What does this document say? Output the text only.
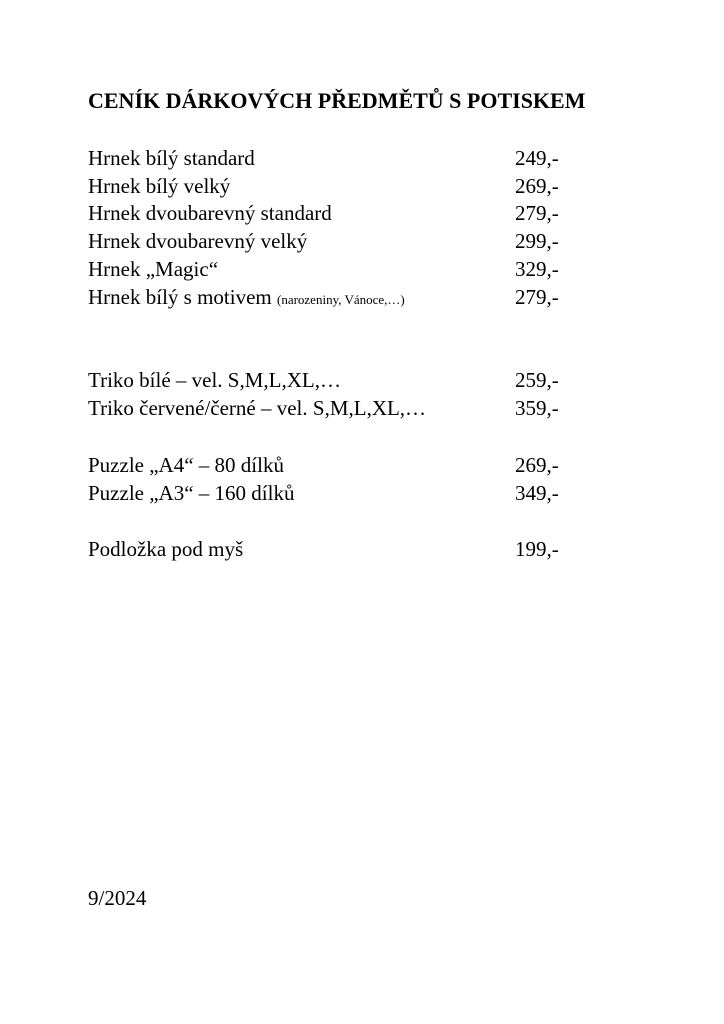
CENÍK DÁRKOVÝCH PŘEDMĚTŮ S POTISKEM
Hrnek bílý standard	249,-
Hrnek bílý velký	269,-
Hrnek dvoubarevný standard	279,-
Hrnek dvoubarevný velký	299,-
Hrnek „Magic“	329,-
Hrnek bílý s motivem (narozeniny, Vánoce,…)	279,-
Triko bílé – vel. S,M,L,XL,…	259,-
Triko červené/černé – vel. S,M,L,XL,…	359,-
Puzzle „A4“ – 80 dílků	269,-
Puzzle „A3“ – 160 dílků	349,-
Podložka pod myš	199,-
9/2024
